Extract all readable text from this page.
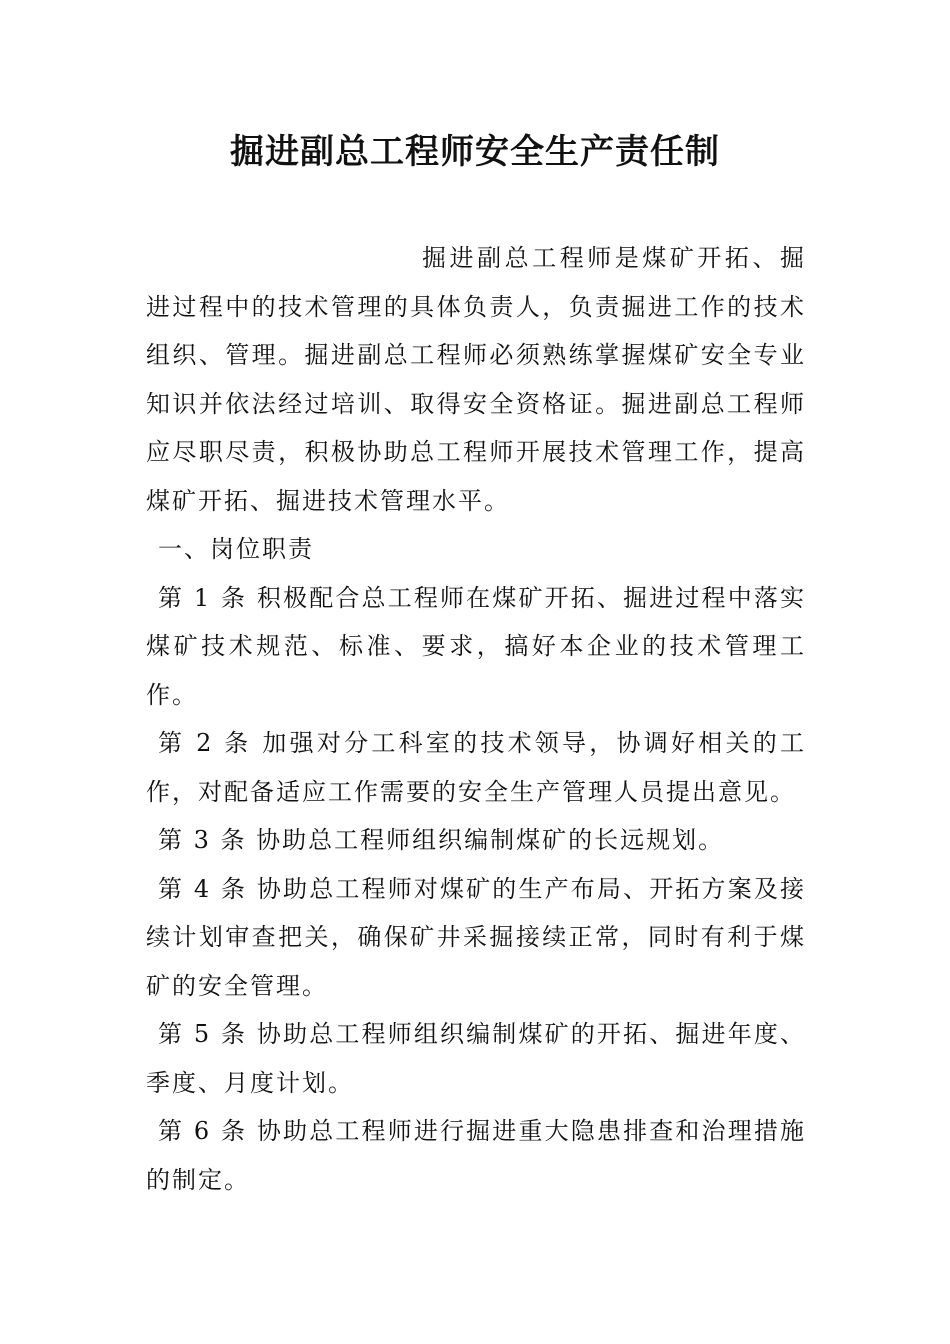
掘进副总工程师安全生产责任制

掘进副总工程师是煤矿开拓、掘进过程中的技术管理的具体负责人，负责掘进工作的技术组织、管理。掘进副总工程师必须熟练掌握煤矿安全专业知识并依法经过培训、取得安全资格证。掘进副总工程师应尽职尽责，积极协助总工程师开展技术管理工作，提高煤矿开拓、掘进技术管理水平。

一、岗位职责

第 1 条 积极配合总工程师在煤矿开拓、掘进过程中落实煤矿技术规范、标准、要求，搞好本企业的技术管理工作。

第 2 条 加强对分工科室的技术领导，协调好相关的工作，对配备适应工作需要的安全生产管理人员提出意见。

第 3 条 协助总工程师组织编制煤矿的长远规划。

第 4 条 协助总工程师对煤矿的生产布局、开拓方案及接续计划审查把关，确保矿井采掘接续正常，同时有利于煤矿的安全管理。

第 5 条 协助总工程师组织编制煤矿的开拓、掘进年度、季度、月度计划。

第 6 条 协助总工程师进行掘进重大隐患排查和治理措施的制定。
